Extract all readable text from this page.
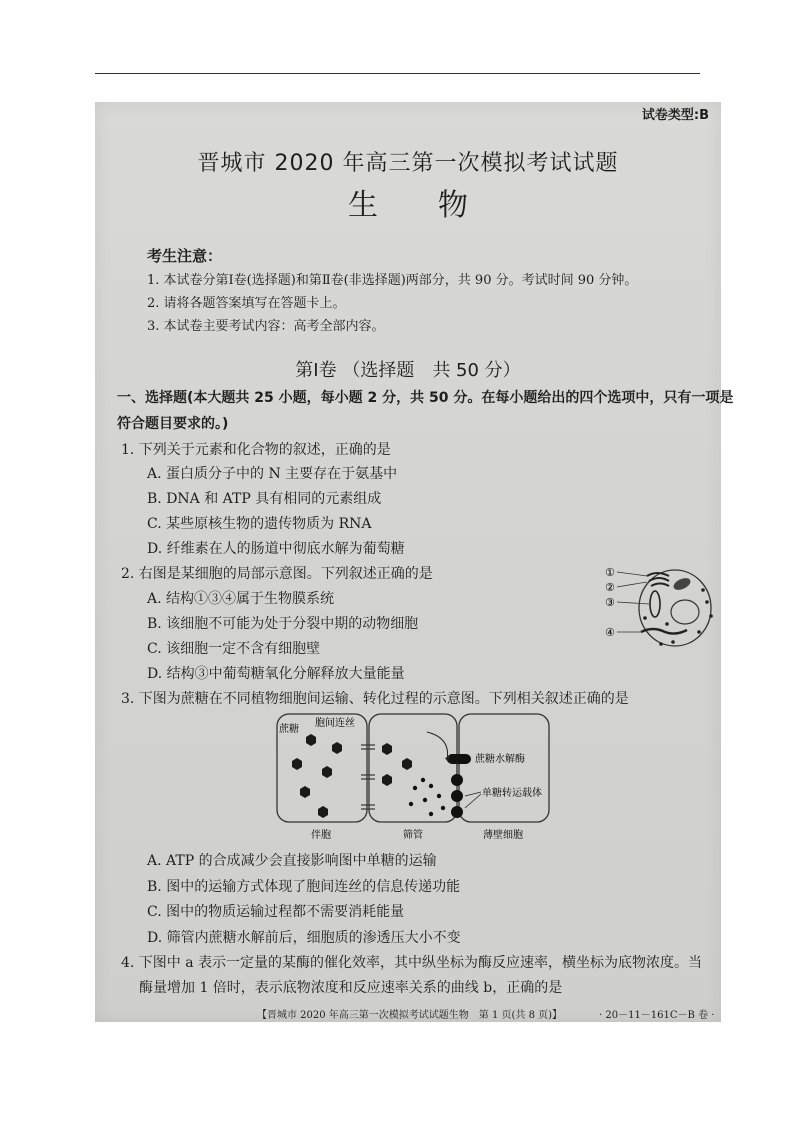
试卷类型:B
晋城市 2020 年高三第一次模拟考试试题
生物
考生注意：
1. 本试卷分第Ⅰ卷(选择题)和第Ⅱ卷(非选择题)两部分，共 90 分。考试时间 90 分钟。
2. 请将各题答案填写在答题卡上。
3. 本试卷主要考试内容：高考全部内容。
第Ⅰ卷 （选择题　共 50 分）
一、选择题(本大题共 25 小题，每小题 2 分，共 50 分。在每小题给出的四个选项中，只有一项是
符合题目要求的。)
1. 下列关于元素和化合物的叙述，正确的是
A. 蛋白质分子中的 N 主要存在于氨基中
B. DNA 和 ATP 具有相同的元素组成
C. 某些原核生物的遗传物质为 RNA
D. 纤维素在人的肠道中彻底水解为葡萄糖
2. 右图是某细胞的局部示意图。下列叙述正确的是
A. 结构①③④属于生物膜系统
B. 该细胞不可能为处于分裂中期的动物细胞
C. 该细胞一定不含有细胞壁
D. 结构③中葡萄糖氧化分解释放大量能量
①
②
③
④
3. 下图为蔗糖在不同植物细胞间运输、转化过程的示意图。下列相关叙述正确的是
蔗糖
胞间连丝
蔗糖水解酶
单糖转运载体
伴胞	筛管	薄壁细胞
A. ATP 的合成减少会直接影响图中单糖的运输
B. 图中的运输方式体现了胞间连丝的信息传递功能
C. 图中的物质运输过程都不需要消耗能量
D. 筛管内蔗糖水解前后，细胞质的渗透压大小不变
4. 下图中 a 表示一定量的某酶的催化效率，其中纵坐标为酶反应速率，横坐标为底物浓度。当
酶量增加 1 倍时，表示底物浓度和反应速率关系的曲线 b，正确的是
【晋城市 2020 年高三第一次模拟考试试题生物　第 1 页(共 8 页)】	· 20－11－161C－B 卷 ·
